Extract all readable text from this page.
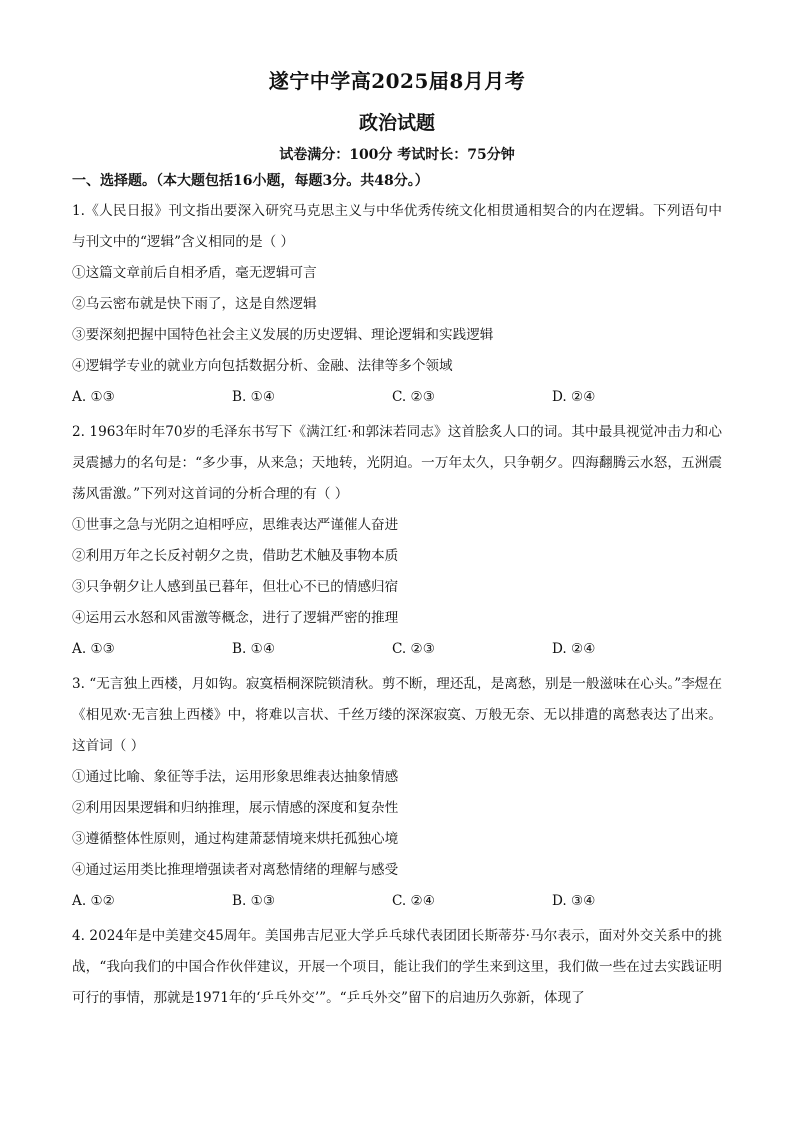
遂宁中学高2025届8月月考
政治试题

试卷满分：100分 考试时长：75分钟

一、选择题。（本大题包括16小题，每题3分。共48分。）

1.《人民日报》刊文指出要深入研究马克思主义与中华优秀传统文化相贯通相契合的内在逻辑。下列语句中与刊文中的“逻辑”含义相同的是（ ）

①这篇文章前后自相矛盾，毫无逻辑可言

②乌云密布就是快下雨了，这是自然逻辑

③要深刻把握中国特色社会主义发展的历史逻辑、理论逻辑和实践逻辑

④逻辑学专业的就业方向包括数据分析、金融、法律等多个领域

A. ①③	B. ①④	C. ②③	D. ②④

2. 1963年时年70岁的毛泽东书写下《满江红·和郭沫若同志》这首脍炙人口的词。其中最具视觉冲击力和心灵震撼力的名句是：“多少事，从来急；天地转，光阴迫。一万年太久，只争朝夕。四海翻腾云水怒，五洲震荡风雷激。”下列对这首词的分析合理的有（ ）

①世事之急与光阴之迫相呼应，思维表达严谨催人奋进

②利用万年之长反衬朝夕之贵，借助艺术触及事物本质

③只争朝夕让人感到虽已暮年，但壮心不已的情感归宿

④运用云水怒和风雷激等概念，进行了逻辑严密的推理

A. ①③	B. ①④	C. ②③	D. ②④

3. “无言独上西楼，月如钩。寂寞梧桐深院锁清秋。剪不断，理还乱，是离愁，别是一般滋味在心头。”李煜在《相见欢·无言独上西楼》中，将难以言状、千丝万缕的深深寂寞、万般无奈、无以排遣的离愁表达了出来。这首词（ ）

①通过比喻、象征等手法，运用形象思维表达抽象情感

②利用因果逻辑和归纳推理，展示情感的深度和复杂性

③遵循整体性原则，通过构建萧瑟情境来烘托孤独心境

④通过运用类比推理增强读者对离愁情绪的理解与感受

A. ①②	B. ①③	C. ②④	D. ③④

4. 2024年是中美建交45周年。美国弗吉尼亚大学乒乓球代表团团长斯蒂芬·马尔表示，面对外交关系中的挑战，“我向我们的中国合作伙伴建议，开展一个项目，能让我们的学生来到这里，我们做一些在过去实践证明可行的事情，那就是1971年的‘乒乓外交’”。“乒乓外交”留下的启迪历久弥新，体现了
